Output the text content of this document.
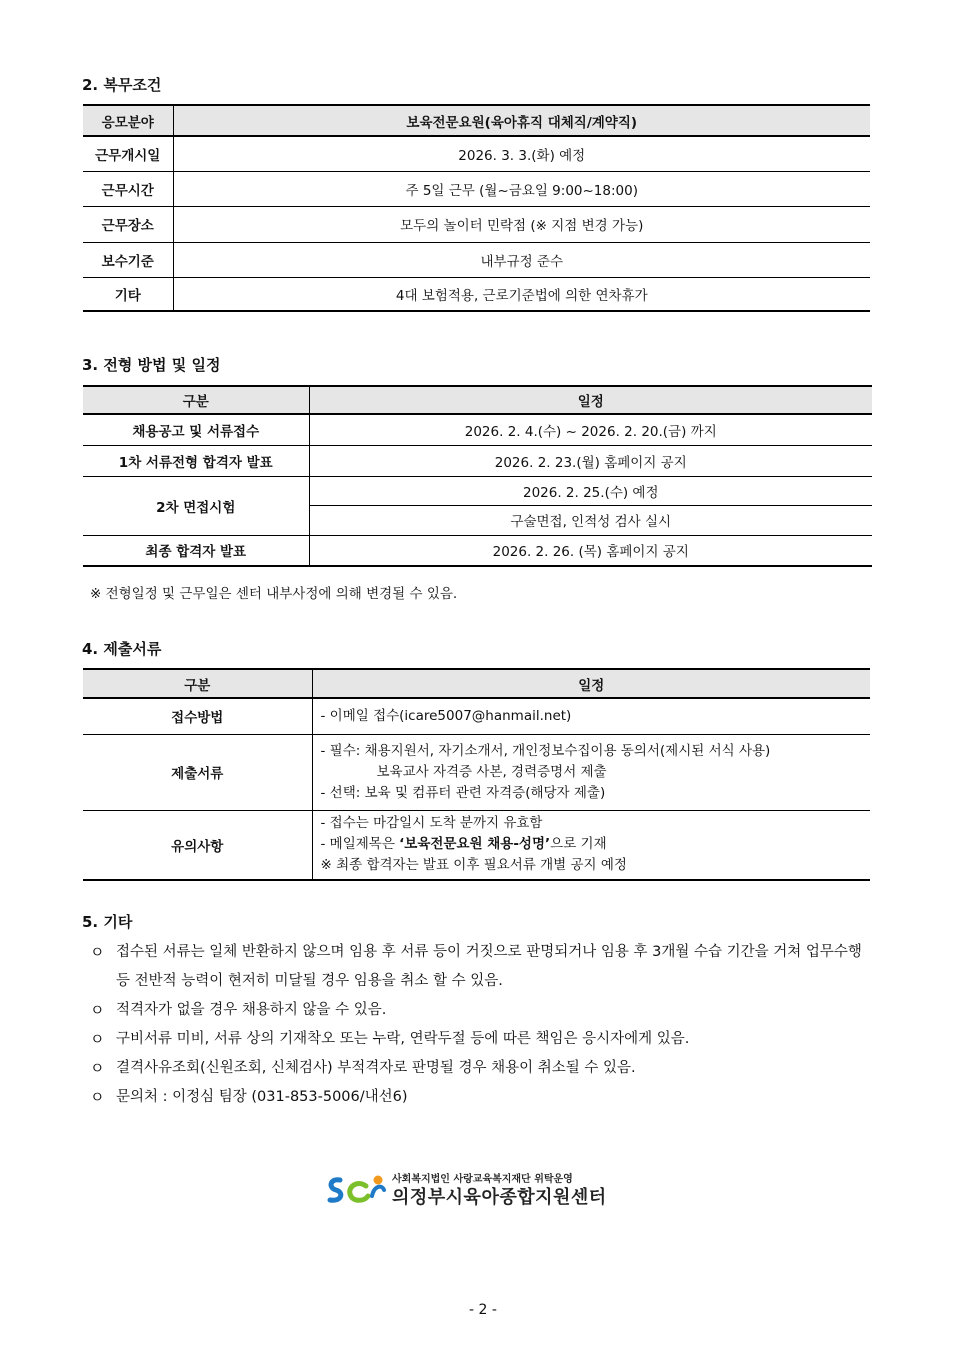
2. 복무조건
응모분야	보육전문요원(육아휴직 대체직/계약직)
근무개시일	2026. 3. 3.(화) 예정
근무시간	주 5일 근무 (월~금요일 9:00~18:00)
근무장소	모두의 놀이터 민락점 (※ 지점 변경 가능)
보수기준	내부규정 준수
기타	4대 보험적용, 근로기준법에 의한 연차휴가
3. 전형 방법 및 일정
구분	일정
채용공고 및 서류접수	2026. 2. 4.(수) ~ 2026. 2. 20.(금) 까지
1차 서류전형 합격자 발표	2026. 2. 23.(월) 홈페이지 공지
2차 면접시험	2026. 2. 25.(수) 예정
	구술면접, 인적성 검사 실시
최종 합격자 발표	2026. 2. 26. (목) 홈페이지 공지
※ 전형일정 및 근무일은 센터 내부사정에 의해 변경될 수 있음.
4. 제출서류
구분	일정
접수방법	- 이메일 접수(icare5007@hanmail.net)
제출서류	- 필수: 채용지원서, 자기소개서, 개인정보수집이용 동의서(제시된 서식 사용)
보육교사 자격증 사본, 경력증명서 제출
- 선택: 보육 및 컴퓨터 관련 자격증(해당자 제출)

유의사항	- 접수는 마감일시 도착 분까지 유효함
- 메일제목은 ‘보육전문요원 채용-성명’으로 기재
※ 최종 합격자는 발표 이후 필요서류 개별 공지 예정
5. 기타
ㅇ 접수된 서류는 일체 반환하지 않으며 임용 후 서류 등이 거짓으로 판명되거나 임용 후 3개월 수습 기간을 거쳐 업무수행 등 전반적 능력이 현저히 미달될 경우 임용을 취소 할 수 있음.
ㅇ 적격자가 없을 경우 채용하지 않을 수 있음.
ㅇ 구비서류 미비, 서류 상의 기재착오 또는 누락, 연락두절 등에 따른 책임은 응시자에게 있음.
ㅇ 결격사유조회(신원조회, 신체검사) 부적격자로 판명될 경우 채용이 취소될 수 있음.
ㅇ 문의처 : 이정심 팀장 (031-853-5006/내선6)
사회복지법인 사랑교육복지재단 위탁운영
의정부시육아종합지원센터
- 2 -
